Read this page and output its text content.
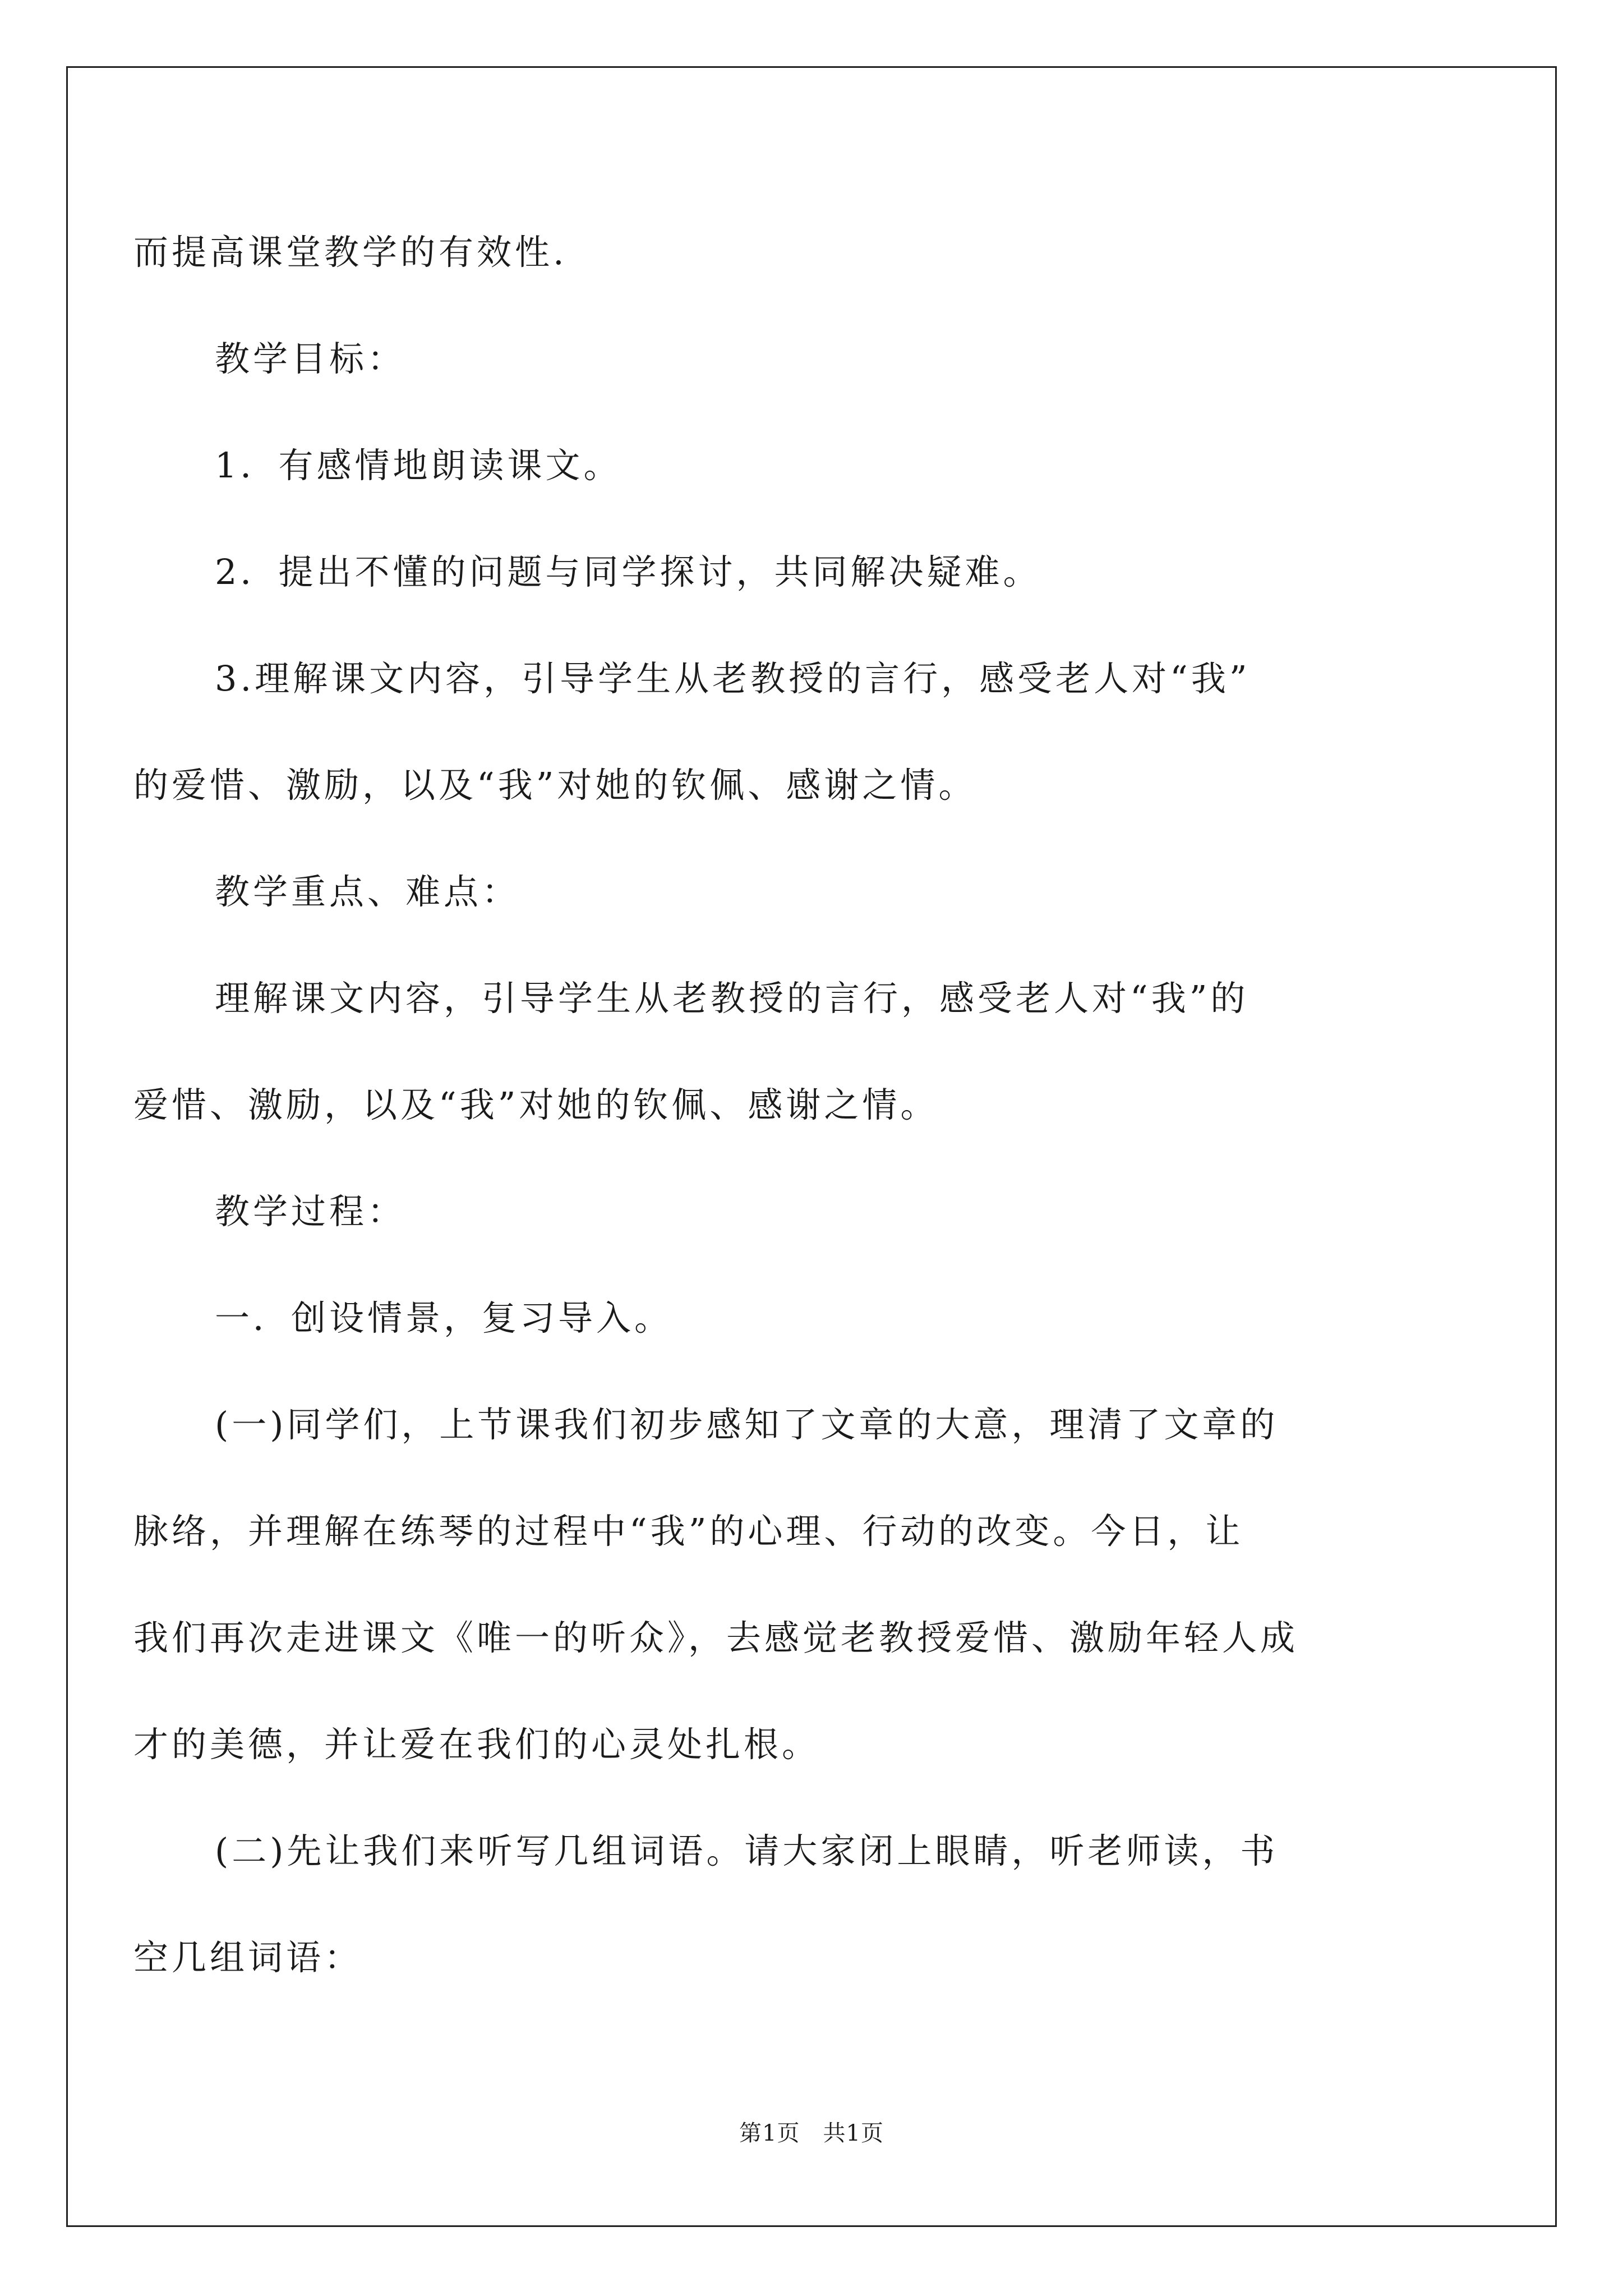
而提高课堂教学的有效性.
教学目标：
1．有感情地朗读课文。
2．提出不懂的问题与同学探讨，共同解决疑难。
3.理解课文内容，引导学生从老教授的言行，感受老人对“我”
的爱惜、激励，以及“我”对她的钦佩、感谢之情。
教学重点、难点：
理解课文内容，引导学生从老教授的言行，感受老人对“我”的
爱惜、激励，以及“我”对她的钦佩、感谢之情。
教学过程：
一．创设情景，复习导入。
(一)同学们，上节课我们初步感知了文章的大意，理清了文章的
脉络，并理解在练琴的过程中“我”的心理、行动的改变。今日，让
我们再次走进课文《唯一的听众》，去感觉老教授爱惜、激励年轻人成
才的美德，并让爱在我们的心灵处扎根。
(二)先让我们来听写几组词语。请大家闭上眼睛，听老师读，书
空几组词语：
第1页　共1页
